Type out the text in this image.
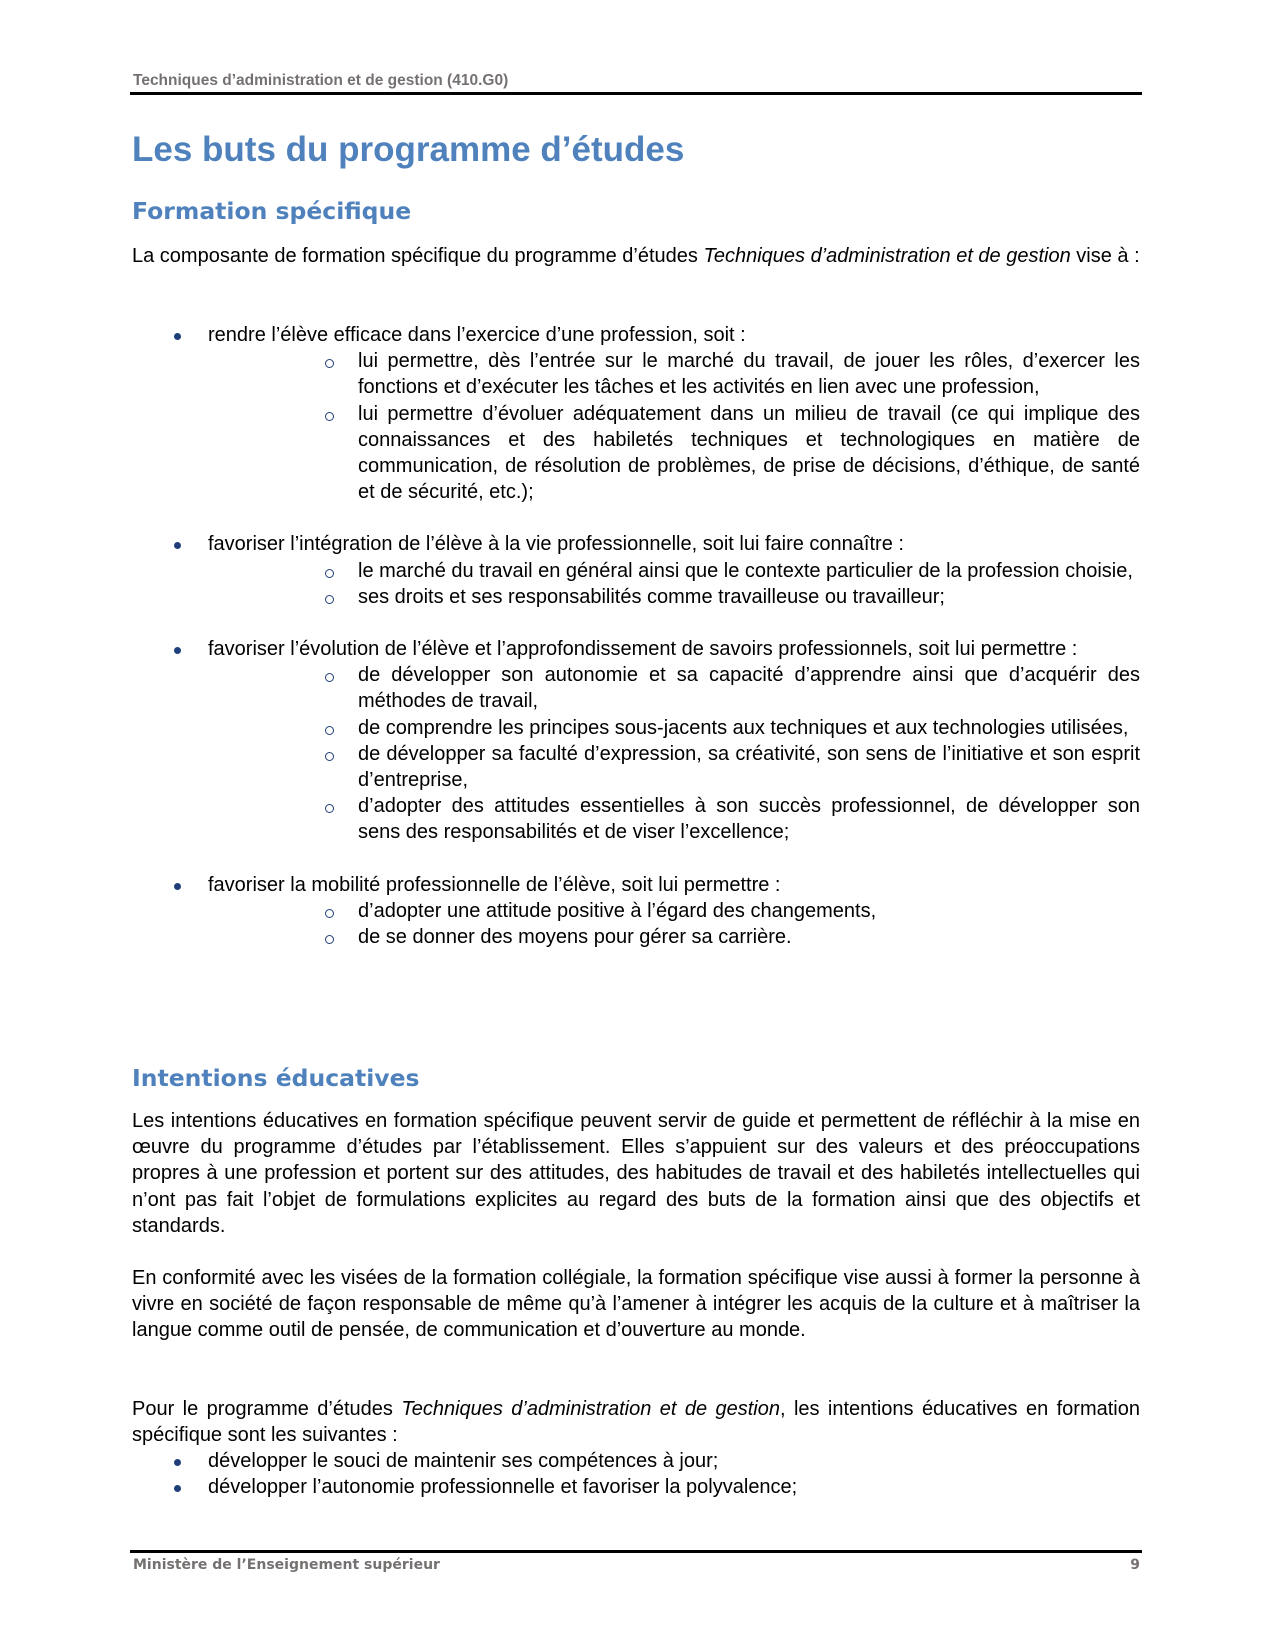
Techniques d’administration et de gestion (410.G0)
Les buts du programme d’études
Formation spécifique

La composante de formation spécifique du programme d’études Techniques d’administration et de gestion vise à :

rendre l’élève efficace dans l’exercice d’une profession, soit :
lui permettre, dès l’entrée sur le marché du travail, de jouer les rôles, d’exercer les fonctions et d’exécuter les tâches et les activités en lien avec une profession,
lui permettre d’évoluer adéquatement dans un milieu de travail (ce qui implique des connaissances et des habiletés techniques et technologiques en matière de communication, de résolution de problèmes, de prise de décisions, d’éthique, de santé et de sécurité, etc.);
favoriser l’intégration de l’élève à la vie professionnelle, soit lui faire connaître :
le marché du travail en général ainsi que le contexte particulier de la profession choisie,
ses droits et ses responsabilités comme travailleuse ou travailleur;
favoriser l’évolution de l’élève et l’approfondissement de savoirs professionnels, soit lui permettre :
de développer son autonomie et sa capacité d’apprendre ainsi que d’acquérir des méthodes de travail,
de comprendre les principes sous-jacents aux techniques et aux technologies utilisées,
de développer sa faculté d’expression, sa créativité, son sens de l’initiative et son esprit d’entreprise,
d’adopter des attitudes essentielles à son succès professionnel, de développer son sens des responsabilités et de viser l’excellence;
favoriser la mobilité professionnelle de l’élève, soit lui permettre :
d’adopter une attitude positive à l’égard des changements,
de se donner des moyens pour gérer sa carrière.
Intentions éducatives

Les intentions éducatives en formation spécifique peuvent servir de guide et permettent de réfléchir à la mise en œuvre du programme d’études par l’établissement. Elles s’appuient sur des valeurs et des préoccupations propres à une profession et portent sur des attitudes, des habitudes de travail et des habiletés intellectuelles qui n’ont pas fait l’objet de formulations explicites au regard des buts de la formation ainsi que des objectifs et standards.

En conformité avec les visées de la formation collégiale, la formation spécifique vise aussi à former la personne à vivre en société de façon responsable de même qu’à l’amener à intégrer les acquis de la culture et à maîtriser la langue comme outil de pensée, de communication et d’ouverture au monde.

Pour le programme d’études Techniques d’administration et de gestion, les intentions éducatives en formation spécifique sont les suivantes :

développer le souci de maintenir ses compétences à jour;
développer l’autonomie professionnelle et favoriser la polyvalence;
Ministère de l’Enseignement supérieur	9
